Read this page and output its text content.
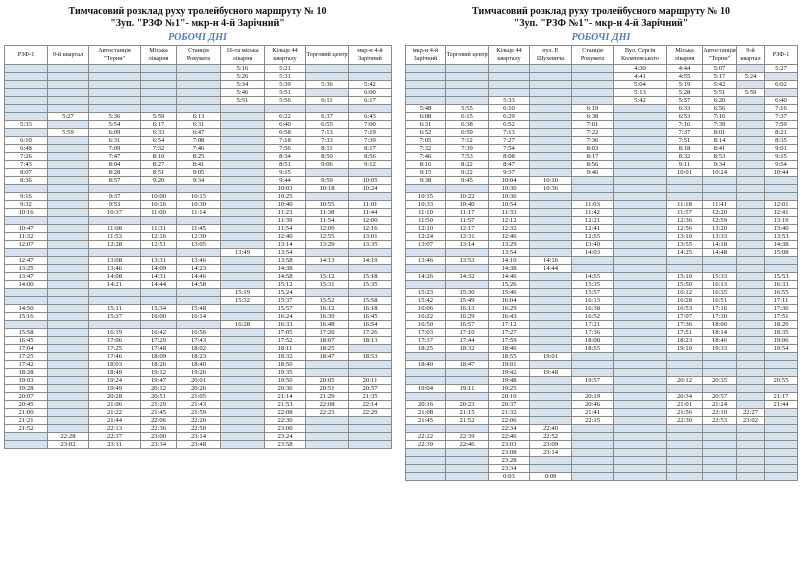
Тимчасовий розклад руху тролейбусного маршруту № 10

"Зуп. "РЗФ №1"- мкр-н 4-й Зарічний"

РОБОЧІ ДНІ

РЗФ-1	9-й квартал	Автостанція "Терни"	Міська лікарня	Станція Рокувата	16-та міська лікарня	Кільце 44 кварталу	Торговий центр	мкр-н 4-й Зарічний
					5:16	5:21		
					5:26	5:31		
					5:34	5:39	5:36	5:42
					5:46	5:51		6:00
					5:51	5:56	6:11	6:17

	5:27	5:36	5:59	6:13		6:22	6:37	6:43
5:33		5:54	6:17	6:31		6:40	6:55	7:00
	5:59	6:09	6:33	6:47		6:58	7:13	7:19
6:10		6:31	6:54	7:08		7:18	7:33	7:39
6:48		7:09	7:32	7:46		7:56	8:11	8:17
7:26		7:47	8:10	8:25		8:34	8:50	8:56
7:43		8:04	8:27	8:41		8:51	9:06	9:12
8:07		8:28	8:51	9:05		9:15		
8:36		8:57	9:20	9:34		9:44	9:59	10:05
						10:03	10:18	10:24
9:16		9:37	10:00	10:15		10:25		
9:32		9:53	10:16	10:30		10:40	10:55	11:01
10:16		10:37	11:00	11:14		11:23	11:38	11:44
						11:39	11:54	12:00
10:47		11:08	11:31	11:45		11:54	12:09	12:16
11:32		11:53	12:16	12:30		12:40	12:55	13:01
12:07		12:28	12:51	13:05		13:14	13:29	13:35
					13:49	13:54		
12:47		13:08	13:31	13:46		13:58	14:13	14:19
13:25		13:46	14:09	14:23		14:38		
13:47		14:08	14:31	14:46		14:58	15:12	15:18
14:00		14:21	14:44	14:58		15:12	15:31	15:35
					15:19	15:24		
					15:32	15:37	15:52	15:58
14:50		15:11	15:34	15:48		15:57	16:12	16:18
15:16		15:37	16:00	16:14		16:24	16:39	16:45
					16:28	16:33	16:48	16:54
15:58		16:19	16:42	16:56		17:05	17:20	17:26
16:45		17:06	17:29	17:43		17:52	18:07	18:13
17:04		17:25	17:48	18:02		18:11	18:25	
17:25		17:46	18:09	18:23		18:32	18:47	18:53
17:42		18:03	18:26	18:40		18:50		
18:28		18:49	19:12	19:26		19:35		
19:03		19:24	19:47	20:01		19:50	20:05	20:11
19:28		19:49	20:12	20:26		20:36	20:51	20:57
20:07		20:28	20:51	21:05		21:14	21:29	21:35
20:45		21:06	21:29	21:43		21:53	22:08	22:14
21:00		21:22	21:45	21:59		22:08	22:23	22:29
21:21		21:44	22:06	22:20		22:30		
21:52		22:13	22:36	22:50		23:00		
	22:28	22:37	23:00	23:14		23:24		
	23:02	23:11	23:34	23:48		23:58		

Тимчасовий розклад руху тролейбусного маршруту № 10

"Зуп. "РЗФ №1"- мкр-н 4-й Зарічний"

РОБОЧІ ДНІ

мкр-н 4-й Зарічний	Торговий центр	Кільце 44 кварталу	пул. Р. Шухевича	Станція Рокувата	Вул. Сергія Колачевського	Міська лікарня	Автостанція "Терни"	9-й квартал	РЗФ-1
					4:30	4:44	5:07		5:27
					4:41	4:55	5:17	5:24	
					5:04	5:19	5:42		6:02
					5:13	5:28	5:51	5:59	
		5:33			5:42	5:57	6:20		6:40
5:48	5:55	6:10		6:19		6:33	6:56		7:16
6:08	6:15	6:29		6:38		6:53	7:16		7:37
6:31	6:38	6:52		7:01		7:16	7:39		7:59
6:52	6:59	7:13		7:22		7:37	8:01		8:21
7:05	7:12	7:27		7:36		7:51	8:14		8:35
7:32	7:39	7:54		8:03		8:18	8:41		9:01
7:46	7:53	8:08		8:17		8:32	8:53		9:15
8:16	8:22	8:47		8:56		9:11	9:34		9:54
9:15	9:22	9:37		9:46		10:01	10:24		10:44
9:38	9:45	10:04	10:10						
		10:30	10:36						
10:15	10:22	10:36							
10:33	10:40	10:54		11:03		11:18	11:41		12:01
11:10	11:17	11:33		11:42		11:57	12:20		12:41
11:50	11:57	12:12		12:21		12:36	12:59		13:19
12:10	12:17	12:32		12:41		12:56	13:20		13:40
12:24	12:31	12:46		12:55		13:10	13:33		13:53
13:07	13:14	13:29		13:40		13:55	14:18		14:38
		13:54		14:03		14:25	14:48		15:08
13:46	13:53	14:10	14:16						
		14:38	14:44						
14:26	14:32	14:46		14:55		15:10	15:33		15:53
		15:26		15:35		15:50	16:13		16:33
15:23	15:30	15:46		15:57		16:12	16:35		16:55
15:42	15:49	16:04		16:13		16:28	16:51		17:11
16:06	16:13	16:29		16:38		16:53	17:16		17:36
16:22	16:29	16:43		16:52		17:07	17:30		17:51
16:50	16:57	17:12		17:21		17:36	18:00		18:20
17:03	17:10	17:27		17:36		17:51	18:14		18:35
17:37	17:44	17:59		18:08		18:23	18:46		19:06
18:25	18:32	18:46		18:55		19:10	19:33		19:54
		18:55	19:01						
18:40	18:47	19:01							
		19:42	19:48						
		19:48		19:57		20:12	20:35		20:55
19:04	19:11	19:25							
		20:10		20:19		20:34	20:57		21:17
20:16	20:23	20:37		20:46		21:01	21:24		21:44
21:08	21:15	21:32		21:41		21:56	22:19	22:27	
21:45	21:52	22:06		22:15		22:30	22:53	23:02	
		22:34	22:40						
22:22	22:39	22:46	22:52						
22:39	22:46	23:03	23:09						
		23:08	23:14						
		23:28							
		23:34							
		0:03	0:09						
